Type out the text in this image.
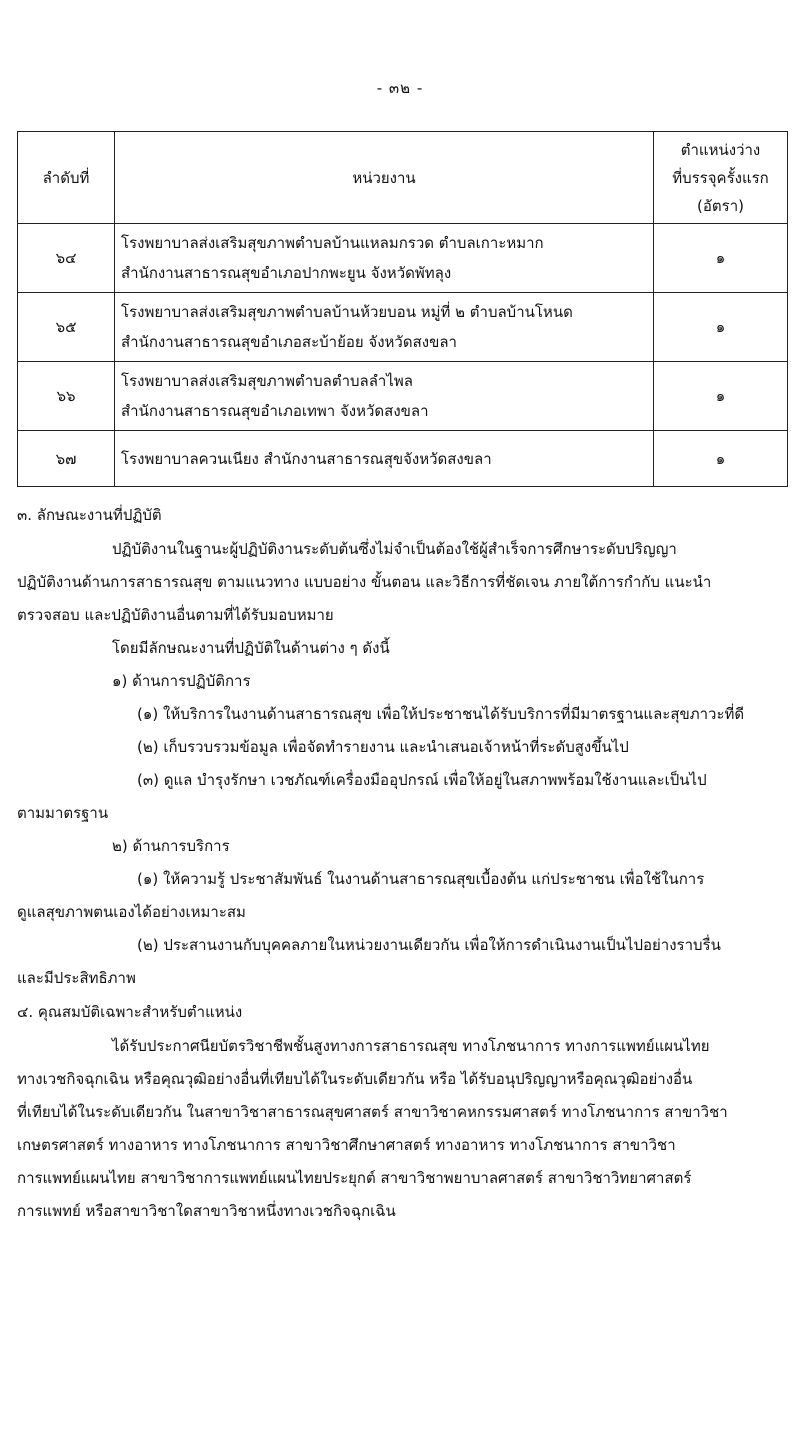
- ๓๒ -
ลำดับที่	หน่วยงาน	ตำแหน่งว่าง
ที่บรรจุครั้งแรก
(อัตรา)

๖๔	โรงพยาบาลส่งเสริมสุขภาพตำบลบ้านแหลมกรวด ตำบลเกาะหมาก
สำนักงานสาธารณสุขอำเภอปากพะยูน จังหวัดพัทลุง	๑
๖๕	โรงพยาบาลส่งเสริมสุขภาพตำบลบ้านห้วยบอน หมู่ที่ ๒ ตำบลบ้านโหนด
สำนักงานสาธารณสุขอำเภอสะบ้าย้อย จังหวัดสงขลา	๑
๖๖	โรงพยาบาลส่งเสริมสุขภาพตำบลตำบลลำไพล
สำนักงานสาธารณสุขอำเภอเทพา จังหวัดสงขลา	๑
๖๗	โรงพยาบาลควนเนียง สำนักงานสาธารณสุขจังหวัดสงขลา	๑
๓. ลักษณะงานที่ปฏิบัติ
ปฏิบัติงานในฐานะผู้ปฏิบัติงานระดับต้นซึ่งไม่จำเป็นต้องใช้ผู้สำเร็จการศึกษาระดับปริญญา
ปฏิบัติงานด้านการสาธารณสุข ตามแนวทาง แบบอย่าง ขั้นตอน และวิธีการที่ชัดเจน ภายใต้การกำกับ แนะนำ
ตรวจสอบ และปฏิบัติงานอื่นตามที่ได้รับมอบหมาย
โดยมีลักษณะงานที่ปฏิบัติในด้านต่าง ๆ ดังนี้
๑) ด้านการปฏิบัติการ
(๑) ให้บริการในงานด้านสาธารณสุข เพื่อให้ประชาชนได้รับบริการที่มีมาตรฐานและสุขภาวะที่ดี
(๒) เก็บรวบรวมข้อมูล เพื่อจัดทำรายงาน และนำเสนอเจ้าหน้าที่ระดับสูงขึ้นไป
(๓) ดูแล บำรุงรักษา เวชภัณฑ์เครื่องมืออุปกรณ์ เพื่อให้อยู่ในสภาพพร้อมใช้งานและเป็นไป
ตามมาตรฐาน
๒) ด้านการบริการ
(๑) ให้ความรู้ ประชาสัมพันธ์ ในงานด้านสาธารณสุขเบื้องต้น แก่ประชาชน เพื่อใช้ในการ
ดูแลสุขภาพตนเองได้อย่างเหมาะสม
(๒) ประสานงานกับบุคคลภายในหน่วยงานเดียวกัน เพื่อให้การดำเนินงานเป็นไปอย่างราบรื่น
และมีประสิทธิภาพ
๔. คุณสมบัติเฉพาะสำหรับตำแหน่ง
ได้รับประกาศนียบัตรวิชาชีพชั้นสูงทางการสาธารณสุข ทางโภชนาการ ทางการแพทย์แผนไทย
ทางเวชกิจฉุกเฉิน หรือคุณวุฒิอย่างอื่นที่เทียบได้ในระดับเดียวกัน หรือ ได้รับอนุปริญญาหรือคุณวุฒิอย่างอื่น
ที่เทียบได้ในระดับเดียวกัน ในสาขาวิชาสาธารณสุขศาสตร์ สาขาวิชาคหกรรมศาสตร์ ทางโภชนาการ สาขาวิชา
เกษตรศาสตร์ ทางอาหาร ทางโภชนาการ สาขาวิชาศึกษาศาสตร์ ทางอาหาร ทางโภชนาการ สาขาวิชา
การแพทย์แผนไทย สาขาวิชาการแพทย์แผนไทยประยุกต์ สาขาวิชาพยาบาลศาสตร์ สาขาวิชาวิทยาศาสตร์
การแพทย์ หรือสาขาวิชาใดสาขาวิชาหนึ่งทางเวชกิจฉุกเฉิน
